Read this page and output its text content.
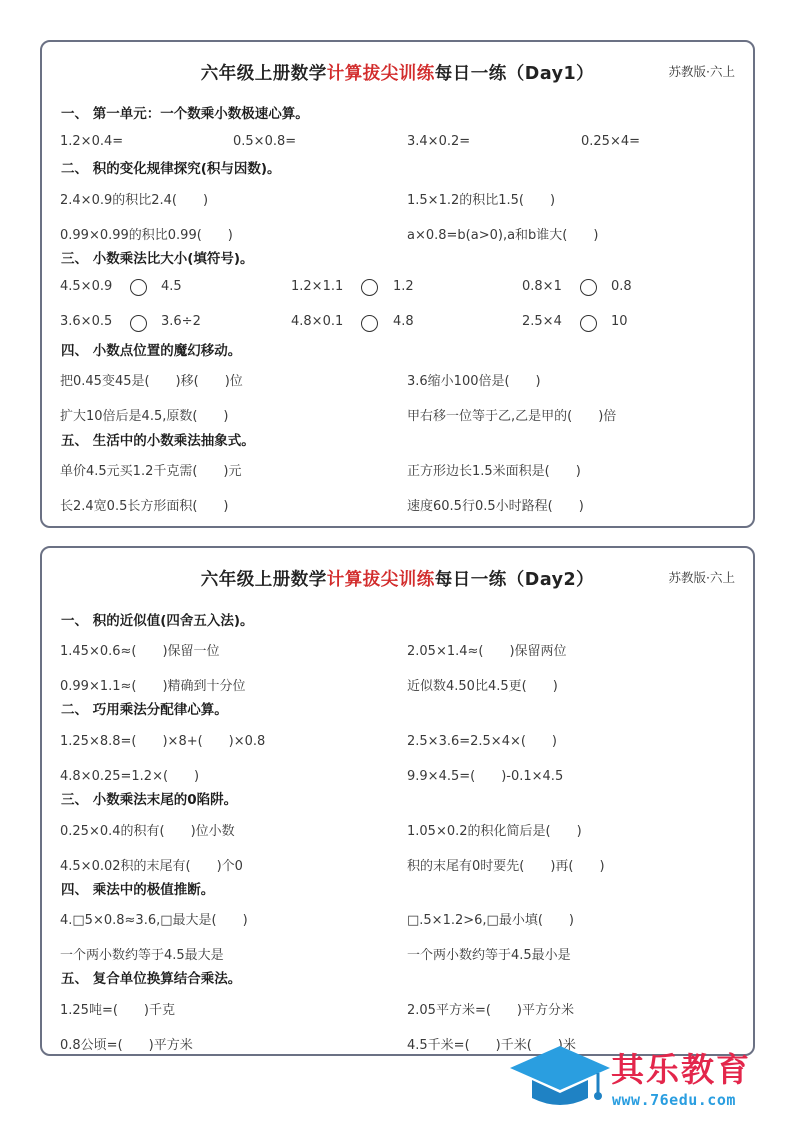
六年级上册数学计算拔尖训练每日一练（Day1）	苏教版·六上
一、 第一单元：一个数乘小数极速心算。
1.2×0.4=	0.5×0.8=	3.4×0.2=	0.25×4=
二、 积的变化规律探究(积与因数)。
2.4×0.9的积比2.4(　　)	1.5×1.2的积比1.5(　　)
0.99×0.99的积比0.99(　　)	a×0.8=b(a>0),a和b谁大(　　)
三、 小数乘法比大小(填符号)。
4.5×0.9	4.5	1.2×1.1	1.2	0.8×1	0.8
3.6×0.5	3.6÷2	4.8×0.1	4.8	2.5×4	10
四、 小数点位置的魔幻移动。
把0.45变45是(　　)移(　　)位	3.6缩小100倍是(　　)
扩大10倍后是4.5,原数(　　)	甲右移一位等于乙,乙是甲的(　　)倍
五、 生活中的小数乘法抽象式。
单价4.5元买1.2千克需(　　)元	正方形边长1.5米面积是(　　)
长2.4宽0.5长方形面积(　　)	速度60.5行0.5小时路程(　　)
六年级上册数学计算拔尖训练每日一练（Day2）	苏教版·六上
一、 积的近似值(四舍五入法)。
1.45×0.6≈(　　)保留一位	2.05×1.4≈(　　)保留两位
0.99×1.1≈(　　)精确到十分位	近似数4.50比4.5更(　　)
二、 巧用乘法分配律心算。
1.25×8.8=(　　)×8+(　　)×0.8	2.5×3.6=2.5×4×(　　)
4.8×0.25=1.2×(　　)	9.9×4.5=(　　)-0.1×4.5
三、 小数乘法末尾的0陷阱。
0.25×0.4的积有(　　)位小数	1.05×0.2的积化简后是(　　)
4.5×0.02积的末尾有(　　)个0	积的末尾有0时要先(　　)再(　　)
四、 乘法中的极值推断。
4.□5×0.8≈3.6,□最大是(　　)	□.5×1.2>6,□最小填(　　)
一个两小数约等于4.5最大是	一个两小数约等于4.5最小是
五、 复合单位换算结合乘法。
1.25吨=(　　)千克	2.05平方米=(　　)平方分米
0.8公顷=(　　)平方米	4.5千米=(　　)千米(　　)米
其乐教育
www.76edu.com
